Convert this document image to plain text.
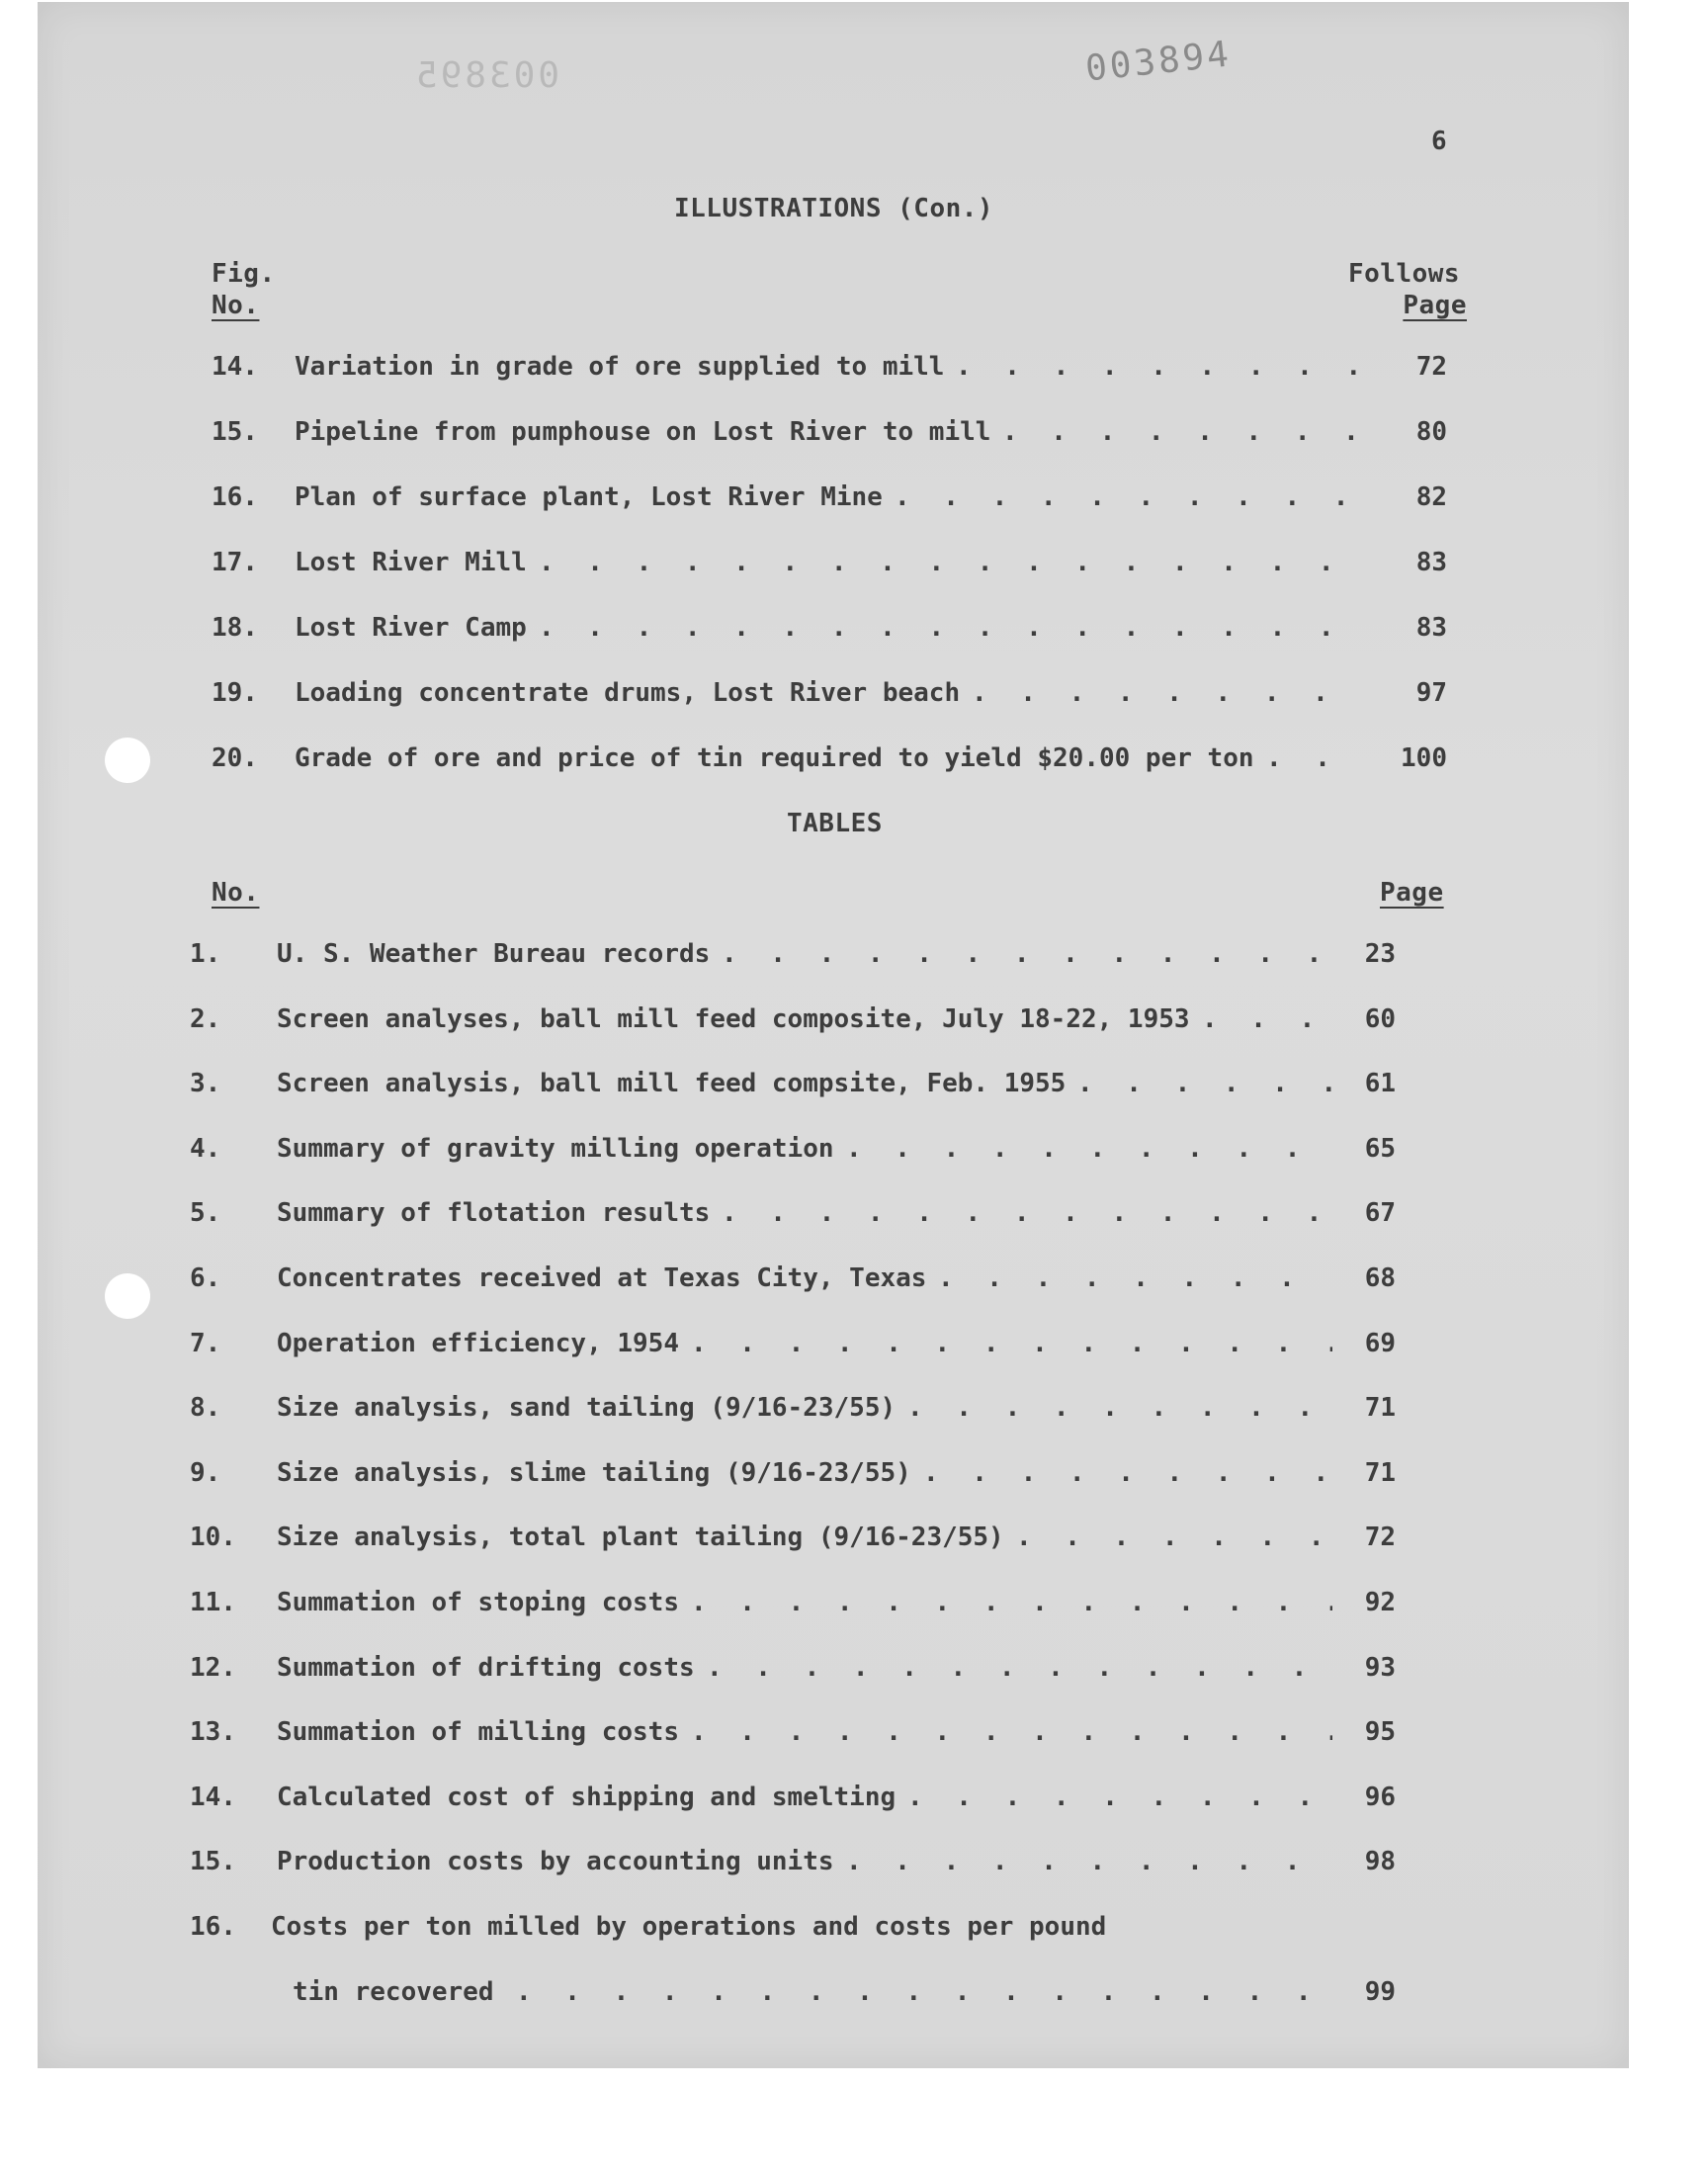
003895	003894
6
ILLUSTRATIONS (Con.)
Fig.
No.
Follows
Page
14. Variation in grade of ore supplied to mill . . .	72
15. Pipeline from pumphouse on Lost River to mill . . .	80
16. Plan of surface plant, Lost River Mine . . .	82
17. Lost River Mill . . .	83
18. Lost River Camp . . .	83
19. Loading concentrate drums, Lost River beach . . .	97
20. Grade of ore and price of tin required to yield $20.00 per ton . . .	100
TABLES
No.	Page
1. U. S. Weather Bureau records . . .	23
2. Screen analyses, ball mill feed composite, July 18-22, 1953 . . .	60
3. Screen analysis, ball mill feed compsite, Feb. 1955 . . .	61
4. Summary of gravity milling operation . . .	65
5. Summary of flotation results . . .	67
6. Concentrates received at Texas City, Texas . . .	68
7. Operation efficiency, 1954 . . .	69
8. Size analysis, sand tailing (9/16-23/55) . . .	71
9. Size analysis, slime tailing (9/16-23/55) . . .	71
10. Size analysis, total plant tailing (9/16-23/55) . . .	72
11. Summation of stoping costs . . .	92
12. Summation of drifting costs . . .	93
13. Summation of milling costs . . .	95
14. Calculated cost of shipping and smelting . . .	96
15. Production costs by accounting units . . .	98
16. Costs per ton milled by operations and costs per pound
tin recovered . . .	99
